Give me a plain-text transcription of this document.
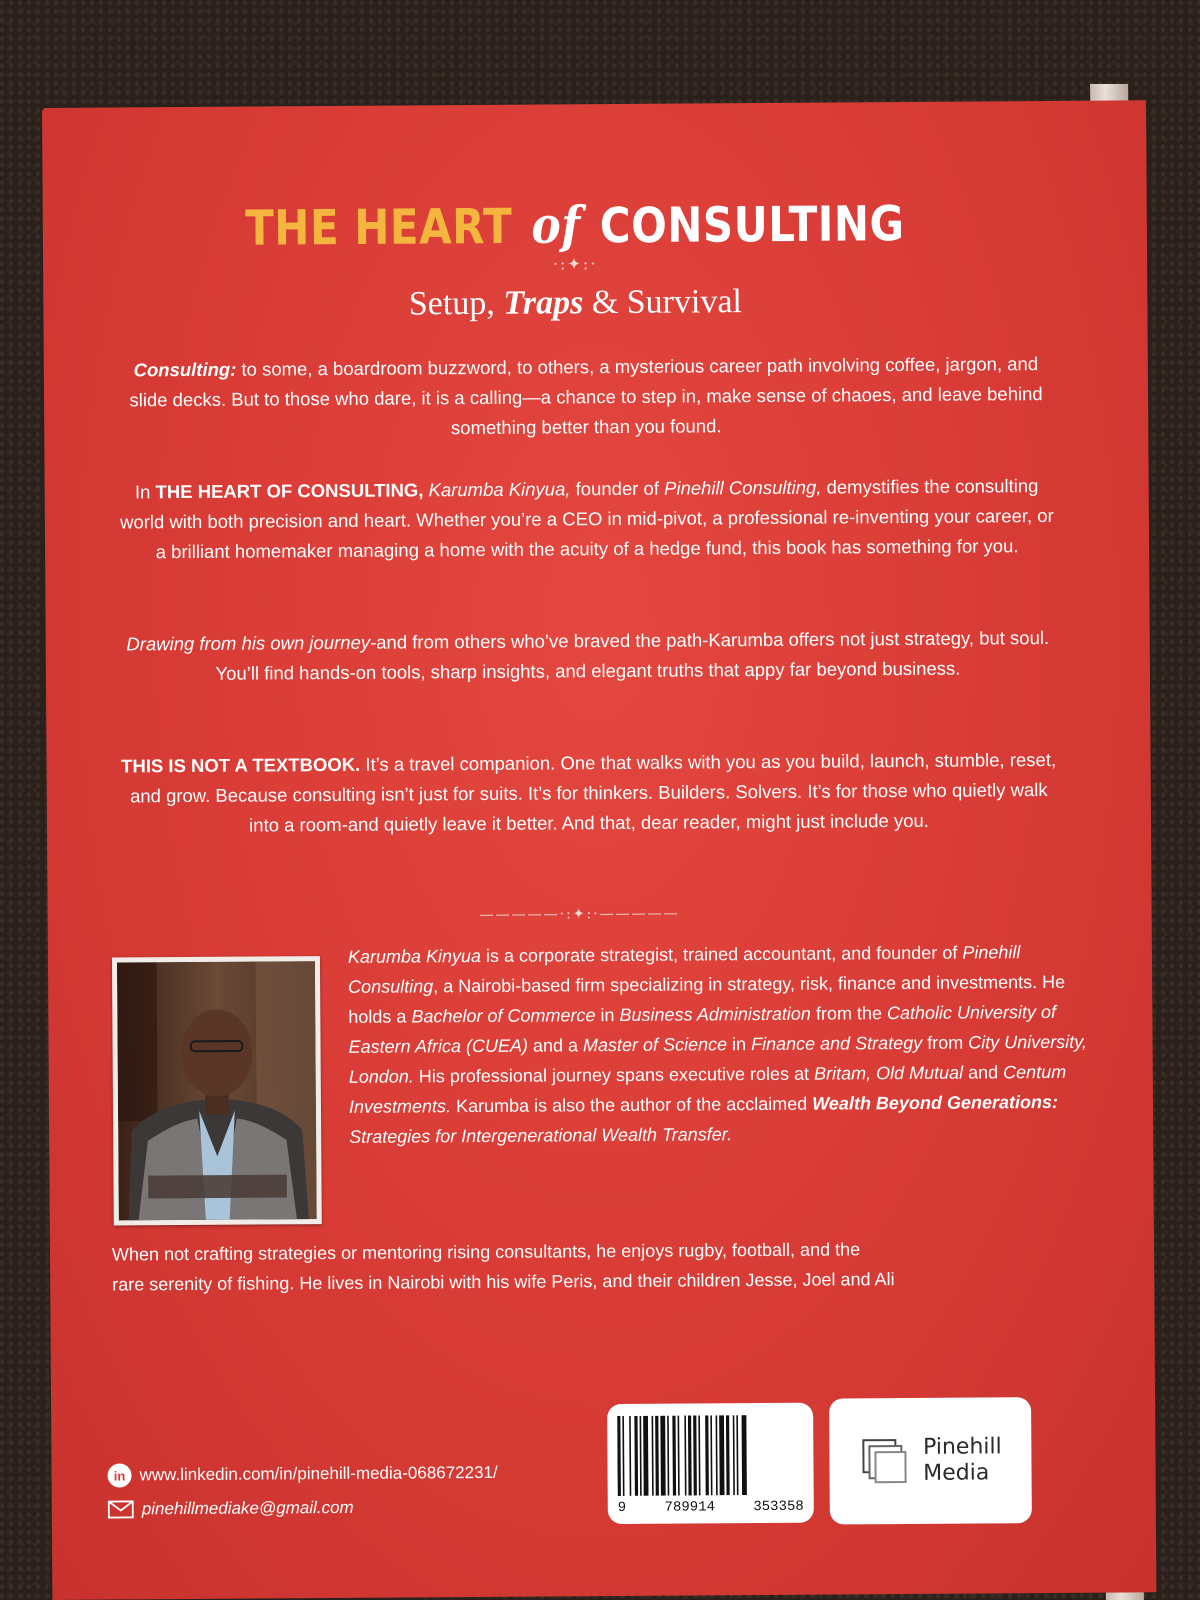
THE HEART of CONSULTING
·:✦:·
Setup, Traps & Survival
Consulting: to some, a boardroom buzzword, to others, a mysterious career path involving coffee, jargon, and slide decks. But to those who dare, it is a calling—a chance to step in, make sense of chaoes, and leave behind something better than you found.
In THE HEART OF CONSULTING, Karumba Kinyua, founder of Pinehill Consulting, demystifies the consulting world with both precision and heart. Whether you’re a CEO in mid-pivot, a professional re-inventing your career, or a brilliant homemaker managing a home with the acuity of a hedge fund, this book has something for you.
Drawing from his own journey-and from others who’ve braved the path-Karumba offers not just strategy, but soul. You’ll find hands-on tools, sharp insights, and elegant truths that appy far beyond business.
THIS IS NOT A TEXTBOOK. It’s a travel companion. One that walks with you as you build, launch, stumble, reset, and grow. Because consulting isn’t just for suits. It’s for thinkers. Builders. Solvers. It’s for those who quietly walk into a room-and quietly leave it better. And that, dear reader, might just include you.
—————·:✦:·—————
Karumba Kinyua is a corporate strategist, trained accountant, and founder of Pinehill Consulting, a Nairobi-based firm specializing in strategy, risk, finance and investments. He holds a Bachelor of Commerce in Business Administration from the Catholic University of Eastern Africa (CUEA) and a Master of Science in Finance and Strategy from City University, London. His professional journey spans executive roles at Britam, Old Mutual and Centum Investments. Karumba is also the author of the acclaimed Wealth Beyond Generations: Strategies for Intergenerational Wealth Transfer.
When not crafting strategies or mentoring rising consultants, he enjoys rugby, football, and the
rare serenity of fishing. He lives in Nairobi with his wife Peris, and their children Jesse, Joel and Ali
in www.linkedin.com/in/pinehill-media-068672231/
pinehillmediake@gmail.com	9	789914	353358
Pinehill
Media
